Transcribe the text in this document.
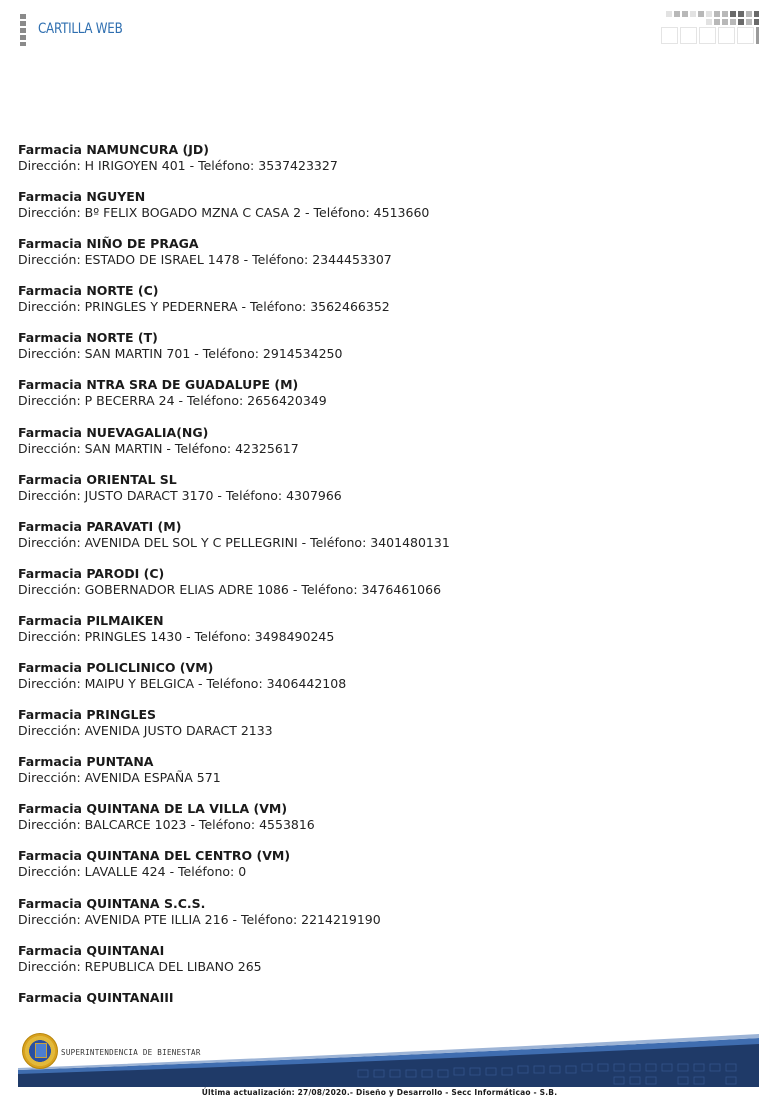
CARTILLA WEB
Farmacia NAMUNCURA (JD)
Dirección: H IRIGOYEN 401 - Teléfono: 3537423327
Farmacia NGUYEN
Dirección: Bº FELIX BOGADO MZNA C CASA 2 - Teléfono: 4513660
Farmacia NIÑO DE PRAGA
Dirección: ESTADO DE ISRAEL 1478 - Teléfono: 2344453307
Farmacia NORTE (C)
Dirección: PRINGLES Y PEDERNERA - Teléfono: 3562466352
Farmacia NORTE (T)
Dirección: SAN MARTIN 701 - Teléfono: 2914534250
Farmacia NTRA SRA DE GUADALUPE (M)
Dirección: P BECERRA 24 - Teléfono: 2656420349
Farmacia NUEVAGALIA(NG)
Dirección: SAN MARTIN - Teléfono: 42325617
Farmacia ORIENTAL SL
Dirección: JUSTO DARACT 3170 - Teléfono: 4307966
Farmacia PARAVATI (M)
Dirección: AVENIDA DEL SOL Y C PELLEGRINI - Teléfono: 3401480131
Farmacia PARODI (C)
Dirección: GOBERNADOR ELIAS ADRE 1086 - Teléfono: 3476461066
Farmacia PILMAIKEN
Dirección: PRINGLES 1430 - Teléfono: 3498490245
Farmacia POLICLINICO (VM)
Dirección: MAIPU Y BELGICA - Teléfono: 3406442108
Farmacia PRINGLES
Dirección: AVENIDA JUSTO DARACT 2133
Farmacia PUNTANA
Dirección: AVENIDA ESPAÑA 571
Farmacia QUINTANA DE LA VILLA (VM)
Dirección: BALCARCE 1023 - Teléfono: 4553816
Farmacia QUINTANA DEL CENTRO (VM)
Dirección: LAVALLE 424 - Teléfono: 0
Farmacia QUINTANA S.C.S.
Dirección: AVENIDA PTE ILLIA 216 - Teléfono: 2214219190
Farmacia QUINTANAI
Dirección: REPUBLICA DEL LIBANO 265
Farmacia QUINTANAIII
SUPERINTENDENCIA DE BIENESTAR
Última actualización: 27/08/2020.- Diseño y Desarrollo - Secc Informáticao - S.B.
